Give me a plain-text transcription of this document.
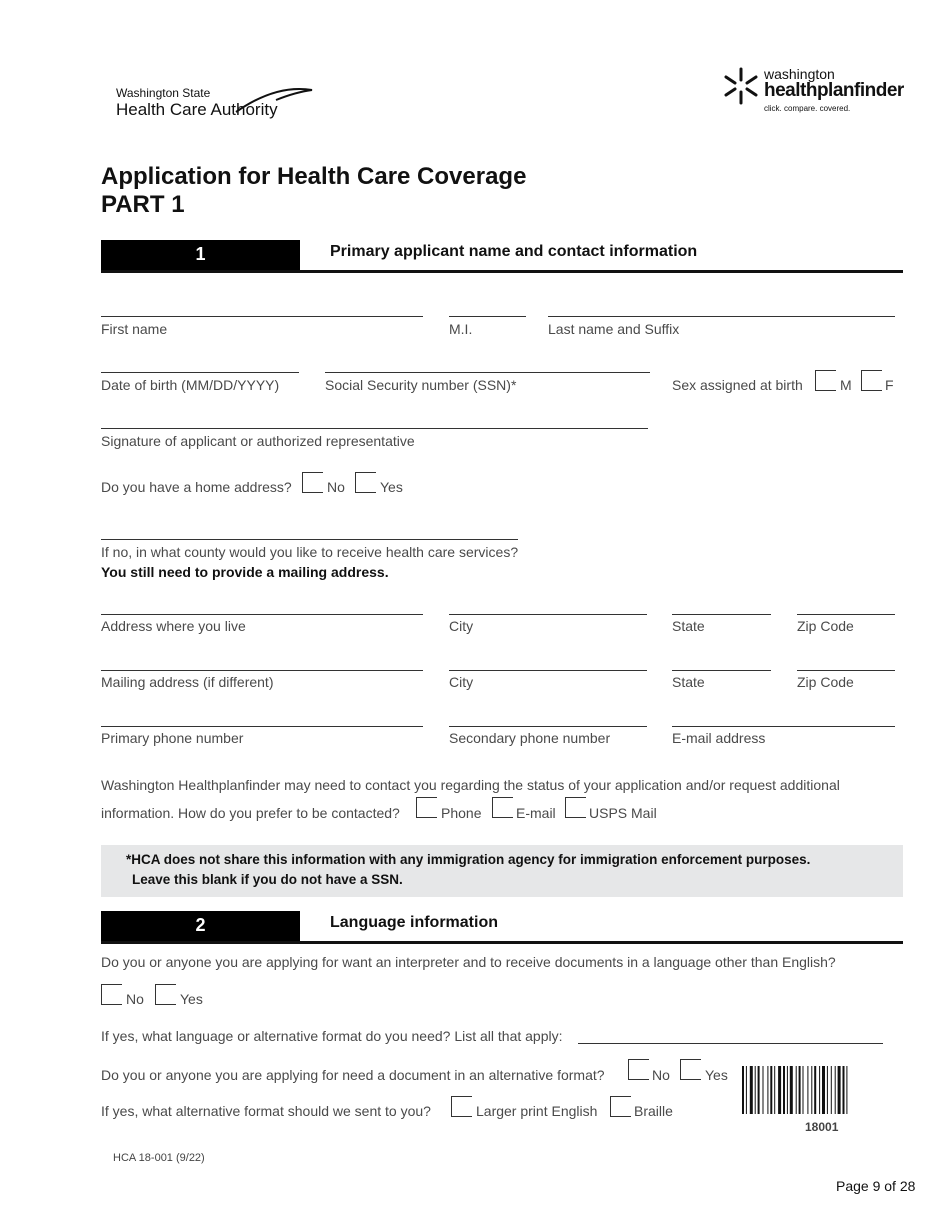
Washington State
Health Care Authority
washington
healthplanfinder
click. compare. covered.
Application for Health Care Coverage
PART 1
1	Primary applicant name and contact information
First name	M.I.	Last name and Suffix
Date of birth (MM/DD/YYYY)	Social Security number (SSN)*	Sex assigned at birth	M F
Signature of applicant or authorized representative
Do you have a home address?	No	Yes
If no, in what county would you like to receive health care services?
You still need to provide a mailing address.
Address where you live	City	State	Zip Code
Mailing address (if different)	City	State	Zip Code
Primary phone number	Secondary phone number	E-mail address
Washington Healthplanfinder may need to contact you regarding the status of your application and/or request additional
information. How do you prefer to be contacted?	Phone E-mail USPS Mail
*HCA does not share this information with any immigration agency for immigration enforcement purposes.
Leave this blank if you do not have a SSN.
2	Language information
Do you or anyone you are applying for want an interpreter and to receive documents in a language other than English?
No	Yes
If yes, what language or alternative format do you need? List all that apply:
Do you or anyone you are applying for need a document in an alternative format?	No	Yes
If yes, what alternative format should we sent to you?	Larger print English	Braille
18001
HCA 18-001 (9/22)
Page 9 of 28
